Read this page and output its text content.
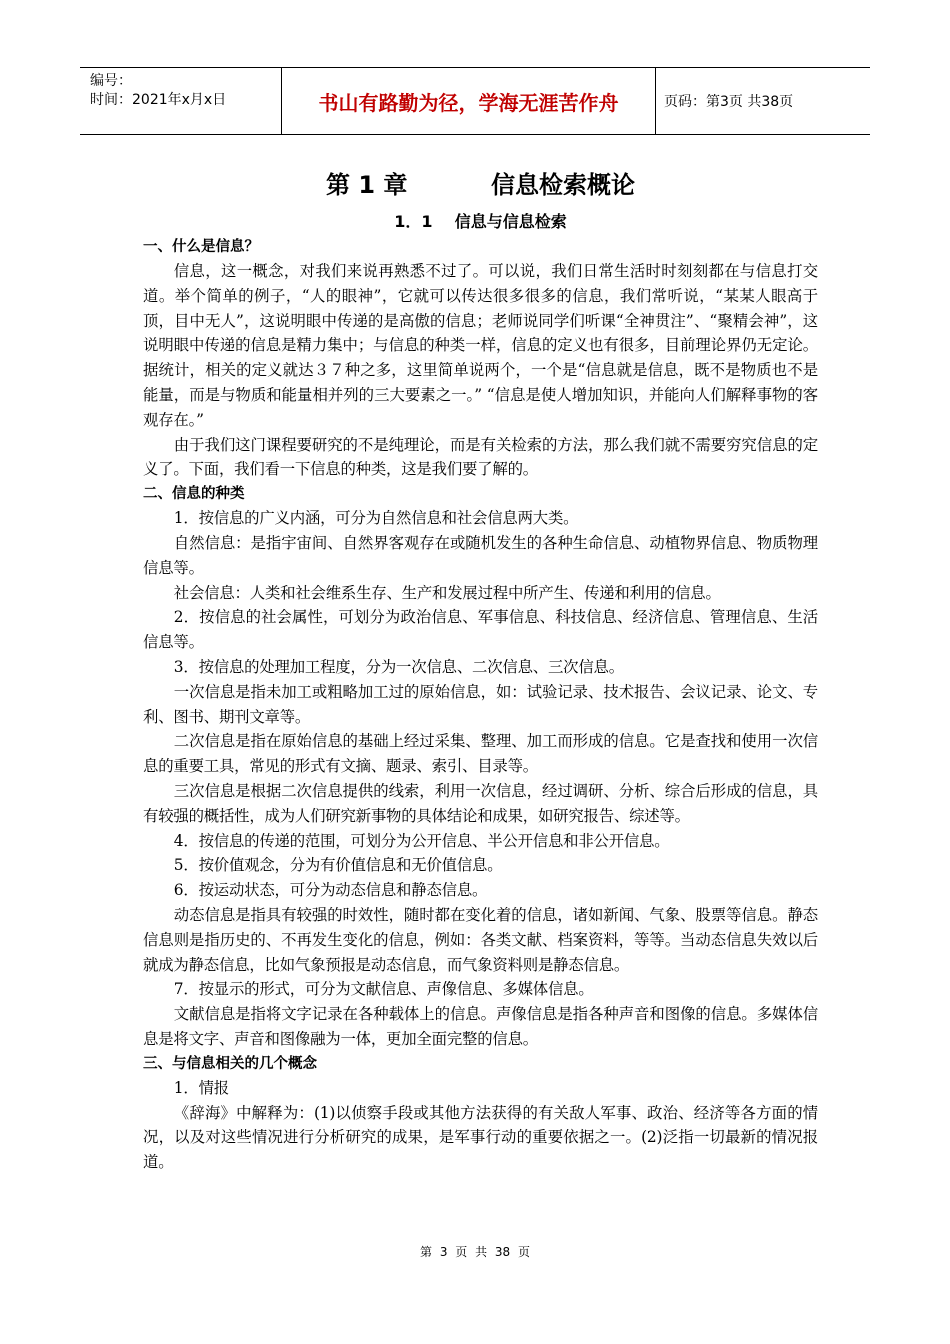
编号：
时间：2021年x月x日	书山有路勤为径，学海无涯苦作舟	页码：第3页 共38页
第 1 章          信息检索概论
1．1    信息与信息检索
一、什么是信息？
信息，这一概念，对我们来说再熟悉不过了。可以说，我们日常生活时时刻刻都在与信息打交道。举个简单的例子，“人的眼神”，它就可以传达很多很多的信息，我们常听说，“某某人眼高于顶，目中无人”，这说明眼中传递的是高傲的信息；老师说同学们听课“全神贯注”、“聚精会神”，这说明眼中传递的信息是精力集中；与信息的种类一样，信息的定义也有很多，目前理论界仍无定论。据统计，相关的定义就达３７种之多，这里简单说两个，一个是“信息就是信息，既不是物质也不是能量，而是与物质和能量相并列的三大要素之一。” “信息是使人增加知识，并能向人们解释事物的客观存在。”
由于我们这门课程要研究的不是纯理论，而是有关检索的方法，那么我们就不需要穷究信息的定义了。下面，我们看一下信息的种类，这是我们要了解的。
二、信息的种类
1．按信息的广义内涵，可分为自然信息和社会信息两大类。
自然信息：是指宇宙间、自然界客观存在或随机发生的各种生命信息、动植物界信息、物质物理信息等。
社会信息：人类和社会维系生存、生产和发展过程中所产生、传递和利用的信息。
2．按信息的社会属性，可划分为政治信息、军事信息、科技信息、经济信息、管理信息、生活信息等。
3．按信息的处理加工程度，分为一次信息、二次信息、三次信息。
一次信息是指未加工或粗略加工过的原始信息，如：试验记录、技术报告、会议记录、论文、专利、图书、期刊文章等。
二次信息是指在原始信息的基础上经过采集、整理、加工而形成的信息。它是查找和使用一次信息的重要工具，常见的形式有文摘、题录、索引、目录等。
三次信息是根据二次信息提供的线索，利用一次信息，经过调研、分析、综合后形成的信息，具有较强的概括性，成为人们研究新事物的具体结论和成果，如研究报告、综述等。
4．按信息的传递的范围，可划分为公开信息、半公开信息和非公开信息。
5．按价值观念，分为有价值信息和无价值信息。
6．按运动状态，可分为动态信息和静态信息。
动态信息是指具有较强的时效性，随时都在变化着的信息，诸如新闻、气象、股票等信息。静态信息则是指历史的、不再发生变化的信息，例如：各类文献、档案资料，等等。当动态信息失效以后就成为静态信息，比如气象预报是动态信息，而气象资料则是静态信息。
7．按显示的形式，可分为文献信息、声像信息、多媒体信息。
文献信息是指将文字记录在各种载体上的信息。声像信息是指各种声音和图像的信息。多媒体信息是将文字、声音和图像融为一体，更加全面完整的信息。
三、与信息相关的几个概念
1．情报
《辞海》中解释为：(1)以侦察手段或其他方法获得的有关敌人军事、政治、经济等各方面的情况，以及对这些情况进行分析研究的成果，是军事行动的重要依据之一。(2)泛指一切最新的情况报道。
第 3 页 共 38 页
